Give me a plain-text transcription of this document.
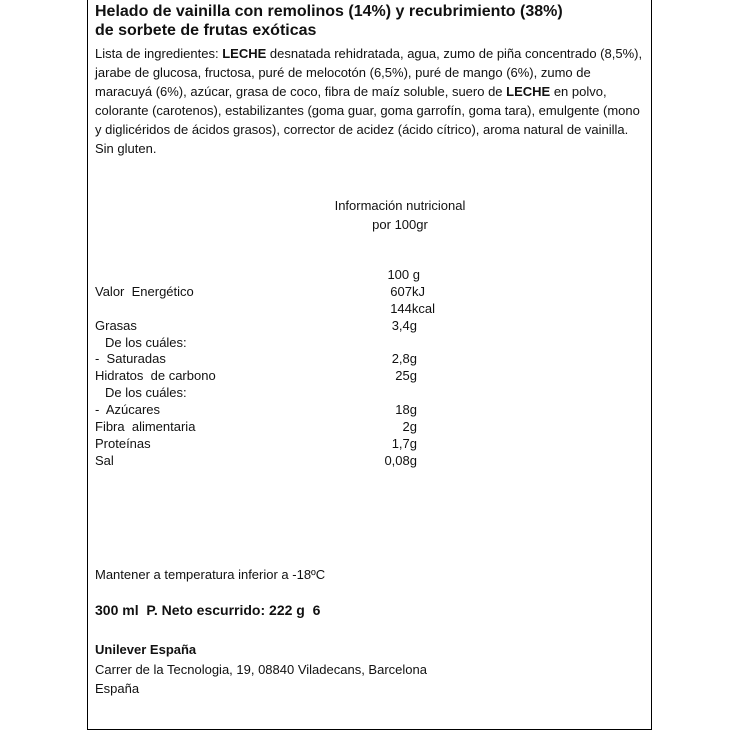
Helado de vainilla con remolinos (14%) y recubrimiento (38%)
de sorbete de frutas exóticas
Lista de ingredientes: LECHE desnatada rehidratada, agua, zumo de piña concentrado (8,5%), jarabe de glucosa, fructosa, puré de melocotón (6,5%), puré de mango (6%), zumo de maracuyá (6%), azúcar, grasa de coco, fibra de maíz soluble, suero de LECHE en polvo, colorante (carotenos), estabilizantes (goma guar, goma garrofín, goma tara), emulgente (mono y diglicéridos de ácidos grasos), corrector de acidez (ácido cítrico), aroma natural de vainilla. Sin gluten.
Información nutricional
por 100gr
100 g
Valor  Energético	607kJ
144kcal
Grasas	3,4g
De los cuáles:
-  Saturadas	2,8g
Hidratos  de carbono	25g
De los cuáles:
-  Azúcares	18g
Fibra  alimentaria	2g
Proteínas	1,7g
Sal	0,08g
Mantener a temperatura inferior a -18ºC
300 ml  P. Neto escurrido: 222 g  6
Unilever España
Carrer de la Tecnologia, 19, 08840 Viladecans, Barcelona
España
